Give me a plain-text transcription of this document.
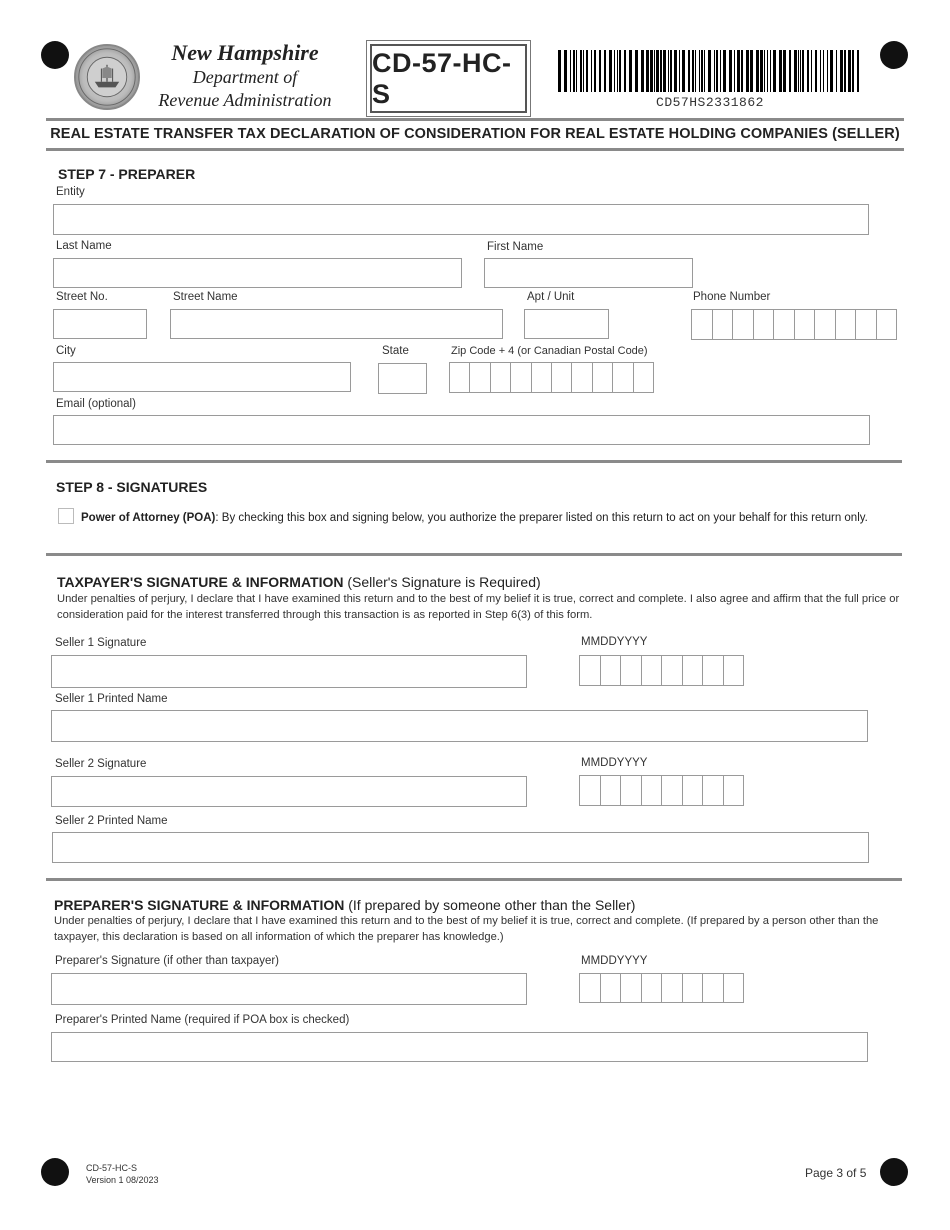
New Hampshire
Department of
Revenue Administration
CD-57-HC-S	CD57HS2331862
REAL ESTATE TRANSFER TAX DECLARATION OF CONSIDERATION FOR REAL ESTATE HOLDING COMPANIES (SELLER)
STEP 7 - PREPARER
Entity
Last Name	First Name
Street No.	Street Name	Apt / Unit	Phone Number
City	State	Zip Code + 4 (or Canadian Postal Code)
Email (optional)
STEP 8 - SIGNATURES
Power of Attorney (POA): By checking this box and signing below, you authorize the preparer listed on this return to act on your behalf for this return only.
TAXPAYER'S SIGNATURE & INFORMATION (Seller's Signature is Required)
Under penalties of perjury, I declare that I have examined this return and to the best of my belief it is true, correct and complete. I also agree and affirm that the full price or consideration paid for the interest transferred through this transaction is as reported in Step 6(3) of this form.
Seller 1 Signature	MMDDYYYY
Seller 1 Printed Name
Seller 2 Signature	MMDDYYYY
Seller 2 Printed Name
PREPARER'S SIGNATURE & INFORMATION (If prepared by someone other than the Seller)
Under penalties of perjury, I declare that I have examined this return and to the best of my belief it is true, correct and complete. (If prepared by a person other than the taxpayer, this declaration is based on all information of which the preparer has knowledge.)
Preparer's Signature (if other than taxpayer)	MMDDYYYY
Preparer's Printed Name (required if POA box is checked)
CD-57-HC-S
Version 1 08/2023	Page 3 of 5
